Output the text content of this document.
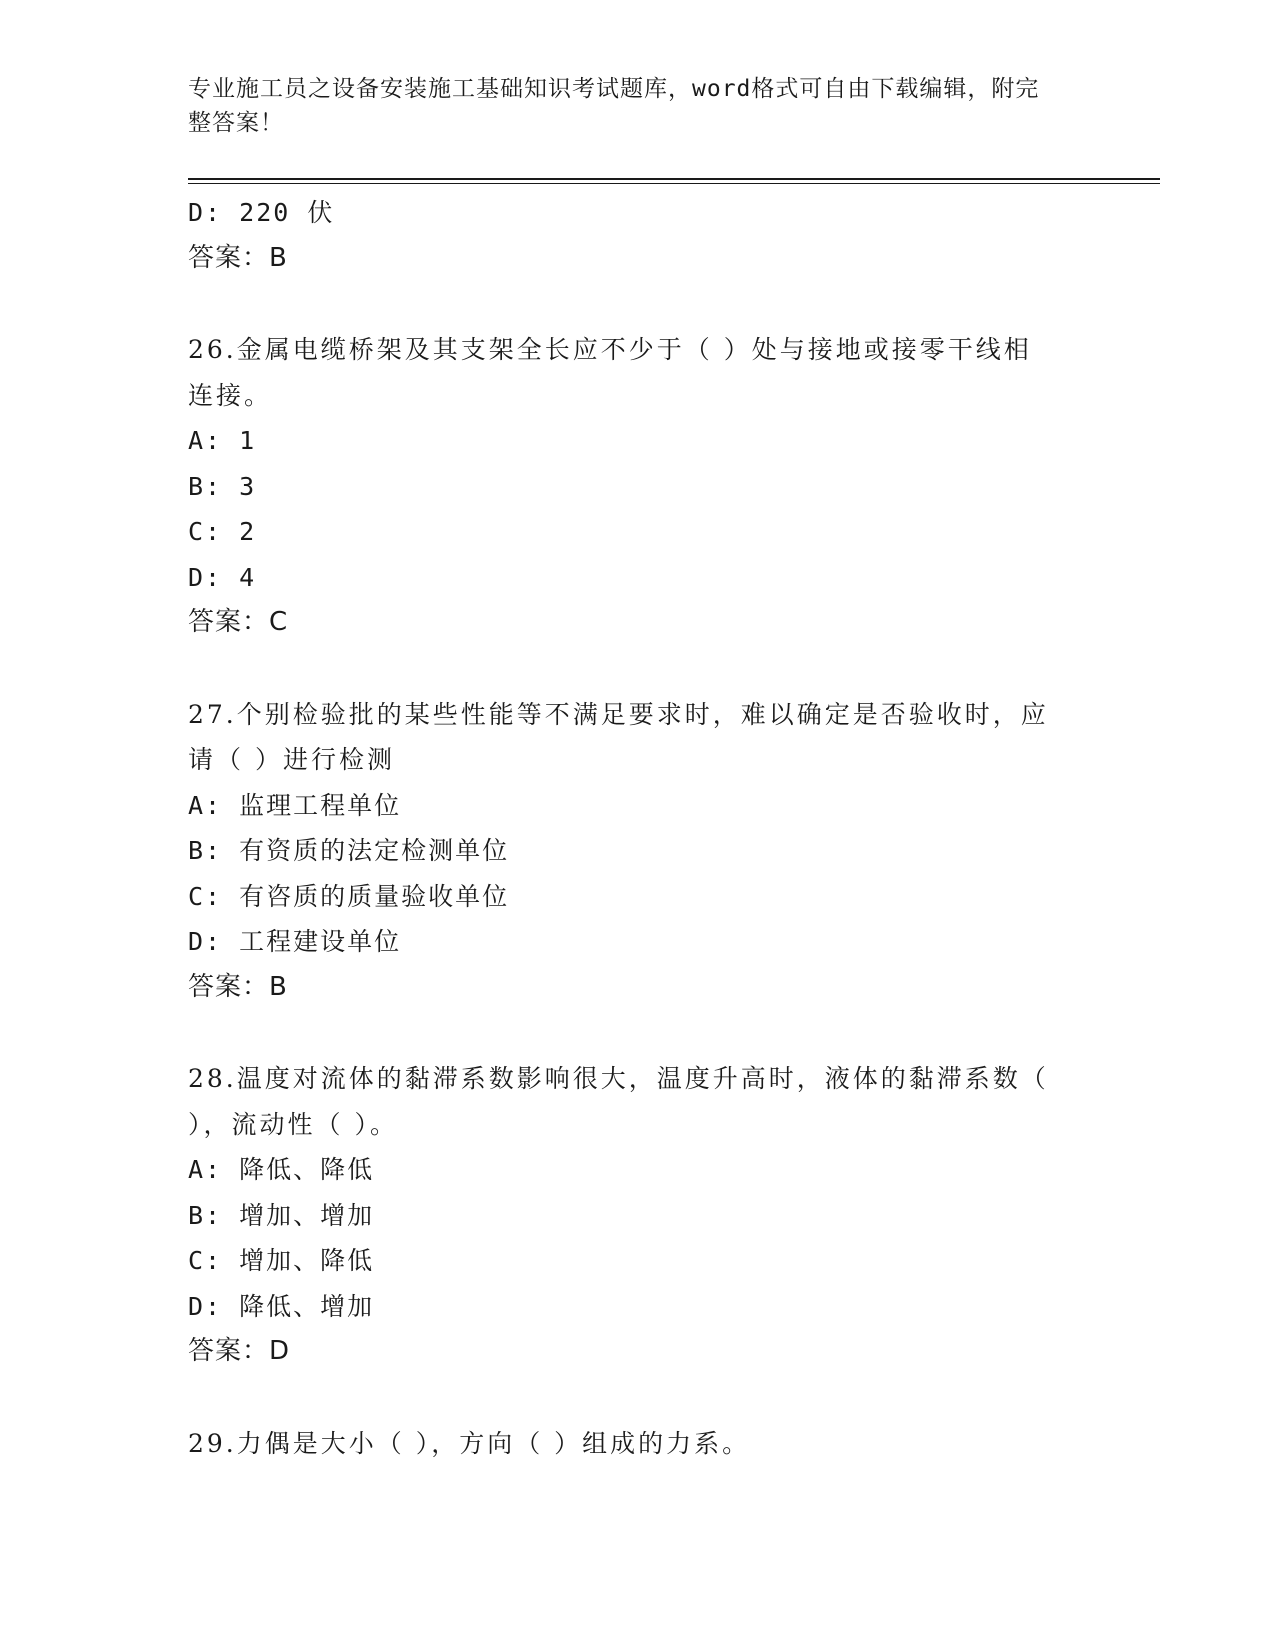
专业施工员之设备安装施工基础知识考试题库，word格式可自由下载编辑，附完
整答案！
D: 220 伏
答案：B
26.金属电缆桥架及其支架全长应不少于（ ）处与接地或接零干线相
连接。
A: 1
B: 3
C: 2
D: 4
答案：C
27.个别检验批的某些性能等不满足要求时，难以确定是否验收时，应
请（ ）进行检测
A: 监理工程单位
B: 有资质的法定检测单位
C: 有咨质的质量验收单位
D: 工程建设单位
答案：B
28.温度对流体的黏滞系数影响很大，温度升高时，液体的黏滞系数（
），流动性（ ）。
A: 降低、降低
B: 增加、增加
C: 增加、降低
D: 降低、增加
答案：D
29.力偶是大小（ ），方向（ ）组成的力系。
